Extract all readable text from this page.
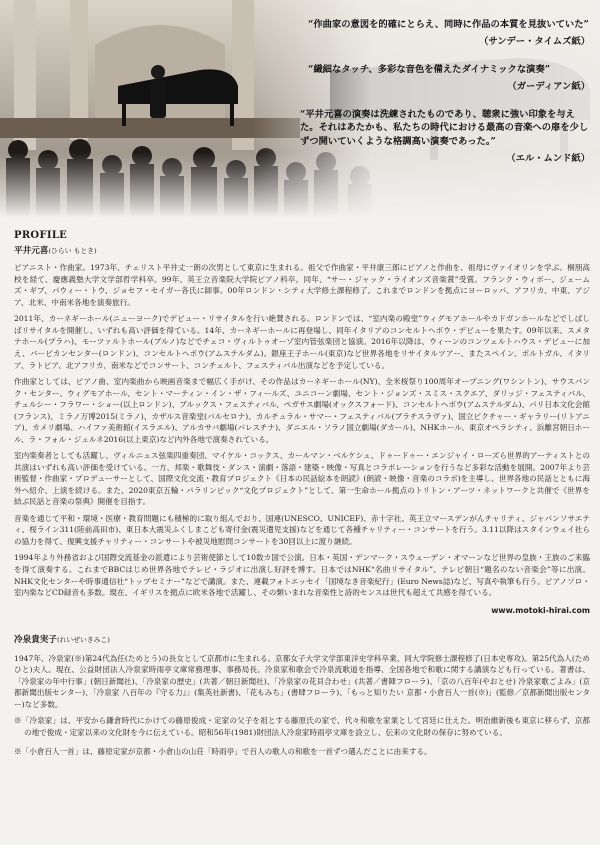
“作曲家の意図を的確にとらえ、同時に作品の本質を見抜いていた”
（サンデー・タイムズ紙）
“繊細なタッチ、多彩な音色を備えたダイナミックな演奏”
（ガーディアン紙）
“平井元喜の演奏は洗練されたものであり、聴衆に強い印象を与えた。それはあたかも、私たちの時代における最高の音楽への扉を少しずつ開いていくような格調高い演奏であった。”
（エル・ムンド紙）

PROFILE

平井元喜(ひらい もとき)

ピアニスト・作曲家。1973年、チェリスト平井丈一朗の次男として東京に生まれる。祖父で作曲家・平井康三郎にピアノと作曲を、祖母にヴァイオリンを学ぶ。桐朋高校を経て、慶應義塾大学文学部哲学科卒。99年、英王立音楽院大学院ピアノ科卒。同年、“サー・ジャック・ライオンズ音楽賞”受賞。フランク・ウィボー、ジェームズ・ギブ、パウィー・トウ、ジョセフ・セイガー各氏に師事。00年ロンドン・シティ大学修士課程修了。これまでロンドンを拠点にヨーロッパ、アフリカ、中東、アジア、北米、中南米各地を演奏旅行。

2011年、カーネギーホール(ニューヨーク)でデビュー・リサイタルを行い絶賛される。ロンドンでは、“室内楽の殿堂”ウィグモアホールやカドガンホールなどでしばしばリサイタルを開催し、いずれも高い評価を得ている。14年、カーネギーホールに再登場し、同年イタリアのコンセルトヘボウ・デビューを果たす。09年以来、スメタナホール(プラハ)、モーツァルトホール(ブルノ)などでチェコ・ヴィルトゥオーゾ室内管弦楽団と協演。2016年以降は、ウィーンのコンツェルトハウス・デビューに加え、バービカンセンター(ロンドン)、コンセルトヘボウ(アムステルダム)、銀座王子ホール(東京)など世界各地をリサイタルツアー、またスペイン、ポルトガル、イタリア、ラトビア、北アフリカ、南米などでコンサート、コンチェルト、フェスティバル出演などを予定している。

作曲家としては、ピアノ曲、室内楽曲から映画音楽まで幅広く手がけ、その作品はカーネギーホール(NY)、全米桜祭り100周年オープニング(ワシントン)、サウスバンク・センター、ウィグモアホール、セント・マーティン・イン・ザ・フィールズ、ユニコーン劇場、セント・ジョンズ・スミス・スクエア、ダリッジ・フェスティバル、チェルシー・フラワー・ショー(以上ロンドン)、ブルックス・フェスティバル、ペガサス劇場(オックスフォード)、コンセルトヘボウ(アムステルダム)、パリ日本文化会館(フランス)、ミラノ万博2015(ミラノ)、カザルス音楽堂(バルセロナ)、カルチュラル・サマー・フェスティバル(ブラチスラヴァ)、国立ピクチャー・ギャラリー(リトアニア)、カメリ劇場、ハイファ美術館(イスラエル)、アルカサバ劇場(パレスチナ)、ダニエル・ソラノ国立劇場(ダカール)、NHKホール、東京オペラシティ、浜離宮朝日ホール、ラ・フォル・ジュルネ2016(以上東京)など内外各地で演奏されている。

室内楽奏者としても活躍し、ヴィルニュス弦楽四重奏団、マイケル・コックス、カールマン・ベルケシュ、ドゥードゥー・エンジャイ・ローズら世界的アーティストとの共演はいずれも高い評価を受けている。一方、邦楽・歌舞伎・ダンス・演劇・落語・建築・映像・写真とコラボレーションを行うなど多彩な活動を展開。2007年より芸術監督・作曲家・プロデューサーとして、国際文化交流・教育プロジェクト《日本の民話絵本を朗読》(朗読・映像・音楽のコラボ)を主導し、世界各地の民話とともに海外へ紹介、上演を続ける。また、2020東京五輪・パラリンピック“文化プロジェクト”として、第一生命ホール拠点のトリトン・アーツ・ネットワークと共催で《世界を結ぶ民話と音楽の祭典》開催を目指す。

音楽を通じて平和・環境・医療・教育問題にも積極的に取り組んでおり、国連(UNESCO、UNICEF)、赤十字社、英王立マースデンがんチャリティ、ジャパンソサエティ、桜ライン311(陸前高田市)、東日本大震災ふくしまこども寄付金(震災遺児支援)などを通じて各種チャリティー・コンサートを行う。3.11以降はスタインウェイ社らの協力を得て、復興支援チャリティー・コンサートや被災地慰問コンサートを30回以上に渡り継続。

1994年より外務省および国際交流基金の派遣により芸術使節として10数カ国で公演。日本・英国・デンマーク・スウェーデン・オマーンなど世界の皇族・王族のご来臨を得て演奏する。これまでBBCはじめ世界各地でテレビ・ラジオに出演し好評を博す。日本ではNHK“名曲リサイタル”、テレビ朝日“題名のない音楽会”等に出演。NHK文化センターや時事通信社“トップセミナー”などで講演。また、連載フォトエッセイ「国境なき音楽紀行」(Euro News誌)など、写真や執筆も行う。ピアノソロ・室内楽などCD録音も多数。現在、イギリスを拠点に欧米各地で活躍し、その類いまれな音楽性と詩的センスは世代も超えて共感を得ている。

www.motoki-hirai.com

冷泉貴実子(れいぜいきみこ)

1947年、冷泉家(※)第24代為任(ためとう)の長女として京都市に生まれる。京都女子大学文学部東洋史学科卒業、同大学院修士課程修了(日本史専攻)。第25代為人(ためひと)夫人。現在、公益財団法人冷泉家時雨亭文庫常務理事、事務局長。冷泉家和歌会で冷泉流歌道を指導、全国各地で和歌に関する講演なども行っている。著書は、「冷泉家の年中行事」(朝日新聞社)、「冷泉家の歴史」(共著／朝日新聞社)、「冷泉家の花貝合わせ」(共著／書陣フローラ)、「京の八百年(やおとせ) 冷泉家歌ごよみ」(京都新聞出版センター)、「冷泉家 八百年の『守る力』」(集英社新書)、「花もみち」(書肆フローラ)、「もっと知りたい 京都・小倉百人一首(※)」(監修／京都新聞出版センター)など多数。

※「冷泉家」は、平安から鎌倉時代にかけての藤原俊成・定家の父子を祖とする藤原氏の家で、代々和歌を家業として宮廷に仕えた。明治維新後も東京に移らず、京都の地で俊成・定家以来の文化財を今に伝えている。昭和56年(1981)財団法人冷泉家時雨亭文庫を設立し、伝来の文化財の保存に努めている。

※「小倉百人一首」は、藤原定家が京都・小倉山の山荘「時雨亭」で百人の歌人の和歌を一首ずつ選んだことに由来する。
